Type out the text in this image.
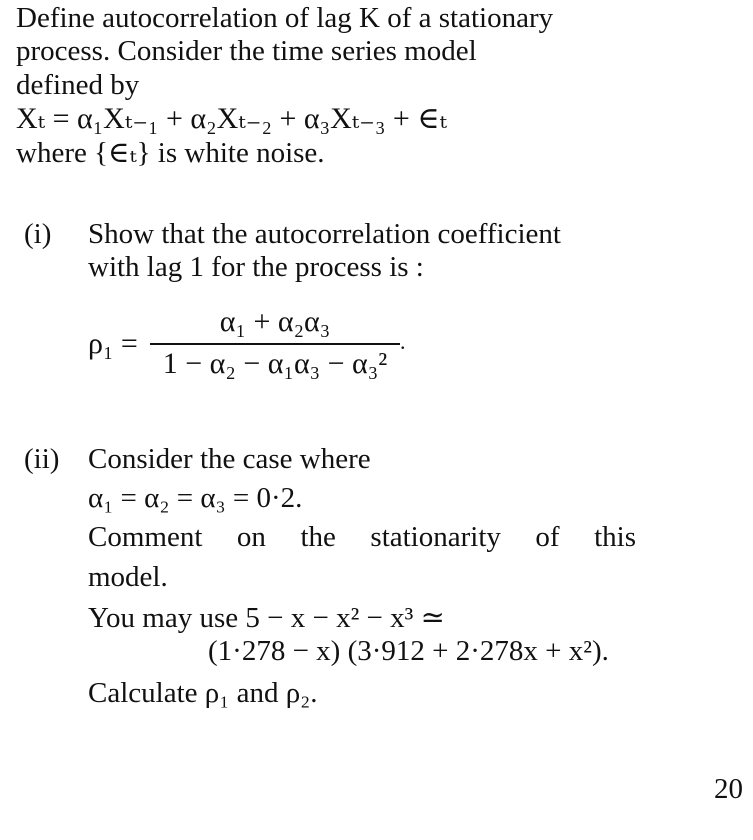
Define autocorrelation of lag K of a stationary

process. Consider the time series model

defined by

Xₜ = α₁Xₜ₋₁ + α₂Xₜ₋₂ + α₃Xₜ₋₃ + ∈ₜ

where {∈ₜ} is white noise.

(i) Show that the autocorrelation coefficient

with lag 1 for the process is :

ρ₁ =
α₁ + α₂α₃
1 − α₂ − α₁α₃ − α₃²
.
(ii) Consider the case where

α₁ = α₂ = α₃ = 0·2.

Comment on the stationarity of this

model.

You may use 5 − x − x² − x³ ≃

(1·278 − x) (3·912 + 2·278x + x²).

Calculate ρ₁ and ρ₂.

20
